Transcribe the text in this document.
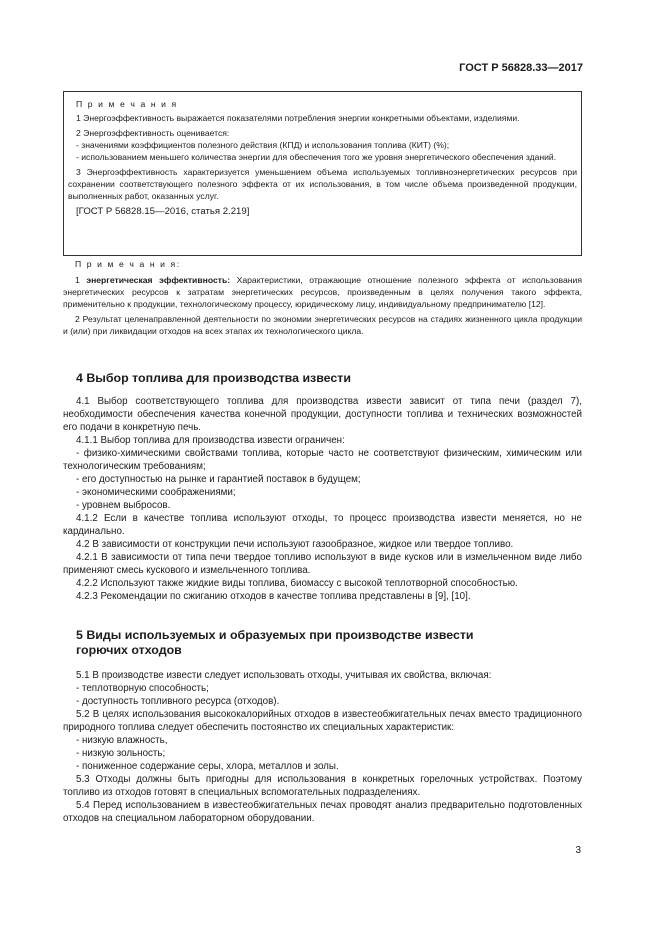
ГОСТ Р 56828.33—2017
П р и м е ч а н и я

1 Энергоэффективность выражается показателями потребления энергии конкретными объектами, изделиями.

2 Энергоэффективность оценивается:

- значениями коэффициентов полезного действия (КПД) и использования топлива (КИТ) (%);

- использованием меньшего количества энергии для обеспечения того же уровня энергетического обеспечения зданий.

3 Энергоэффективность характеризуется уменьшением объема используемых топливноэнергетических ресурсов при сохранении соответствующего полезного эффекта от их использования, в том числе объема произведенной продукции, выполненных работ, оказанных услуг.

[ГОСТ Р 56828.15—2016, статья 2.219]
П р и м е ч а н и я:

1 энергетическая эффективность: Характеристики, отражающие отношение полезного эффекта от использования энергетических ресурсов к затратам энергетических ресурсов, произведенным в целях получения такого эффекта, применительно к продукции, технологическому процессу, юридическому лицу, индивидуальному предпринимателю [12].

2 Результат целенаправленной деятельности по экономии энергетических ресурсов на стадиях жизненного цикла продукции и (или) при ликвидации отходов на всех этапах их технологического цикла.

4 Выбор топлива для производства извести

4.1 Выбор соответствующего топлива для производства извести зависит от типа печи (раздел 7), необходимости обеспечения качества конечной продукции, доступности топлива и технических возможностей его подачи в конкретную печь.

4.1.1 Выбор топлива для производства извести ограничен:

- физико-химическими свойствами топлива, которые часто не соответствуют физическим, химическим или технологическим требованиям;

- его доступностью на рынке и гарантией поставок в будущем;

- экономическими соображениями;

- уровнем выбросов.

4.1.2 Если в качестве топлива используют отходы, то процесс производства извести меняется, но не кардинально.

4.2 В зависимости от конструкции печи используют газообразное, жидкое или твердое топливо.

4.2.1 В зависимости от типа печи твердое топливо используют в виде кусков или в измельченном виде либо применяют смесь кускового и измельченного топлива.

4.2.2 Используют также жидкие виды топлива, биомассу с высокой теплотворной способностью.

4.2.3 Рекомендации по сжиганию отходов в качестве топлива представлены в [9], [10].

5 Виды используемых и образуемых при производстве извести
горючих отходов

5.1 В производстве извести следует использовать отходы, учитывая их свойства, включая:

- теплотворную способность;

- доступность топливного ресурса (отходов).

5.2 В целях использования высококалорийных отходов в известеобжигательных печах вместо традиционного природного топлива следует обеспечить постоянство их специальных характеристик:

- низкую влажность,

- низкую зольность;

- пониженное содержание серы, хлора, металлов и золы.

5.3 Отходы должны быть пригодны для использования в конкретных горелочных устройствах. Поэтому топливо из отходов готовят в специальных вспомогательных подразделениях.

5.4 Перед использованием в известеобжигательных печах проводят анализ предварительно подготовленных отходов на специальном лабораторном оборудовании.

3
